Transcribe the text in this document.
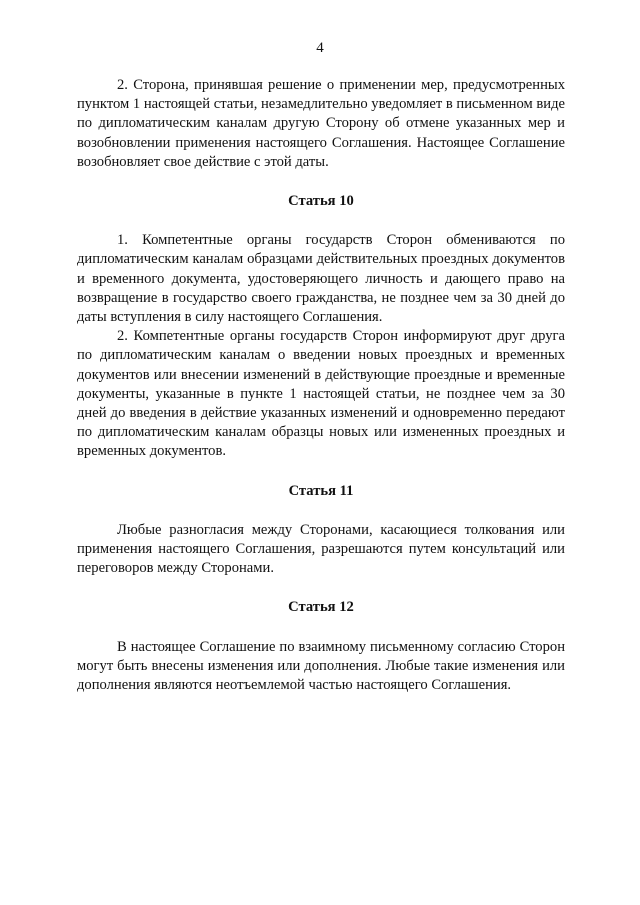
4

2. Сторона, принявшая решение о применении мер, предусмотренных пунктом 1 настоящей статьи, незамедлительно уведомляет в письменном виде по дипломатическим каналам другую Сторону об отмене указанных мер и возобновлении применения настоящего Соглашения. Настоящее Соглашение возобновляет свое действие с этой даты.

Статья 10

1. Компетентные органы государств Сторон обмениваются по дипломатическим каналам образцами действительных проездных документов и временного документа, удостоверяющего личность и дающего право на возвращение в государство своего гражданства, не позднее чем за 30 дней до даты вступления в силу настоящего Соглашения.

2. Компетентные органы государств Сторон информируют друг друга по дипломатическим каналам о введении новых проездных и временных документов или внесении изменений в действующие проездные и временные документы, указанные в пункте 1 настоящей статьи, не позднее чем за 30 дней до введения в действие указанных изменений и одновременно передают по дипломатическим каналам образцы новых или измененных проездных и временных документов.

Статья 11

Любые разногласия между Сторонами, касающиеся толкования или применения настоящего Соглашения, разрешаются путем консультаций или переговоров между Сторонами.

Статья 12

В настоящее Соглашение по взаимному письменному согласию Сторон могут быть внесены изменения или дополнения. Любые такие изменения или дополнения являются неотъемлемой частью настоящего Соглашения.
